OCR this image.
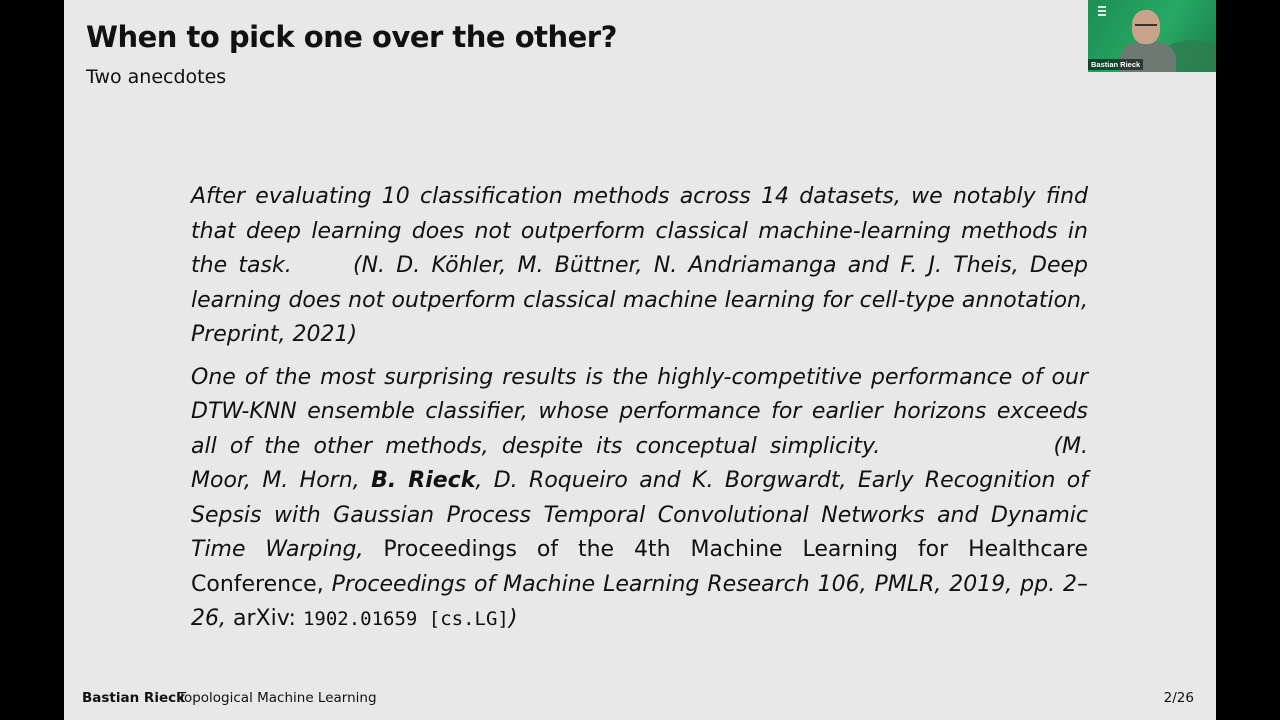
When to pick one over the other?
Two anecdotes

After evaluating 10 classification methods across 14 datasets, we notably find that deep learning does not outperform classical machine-learning methods in the task.	(N. D. Köhler, M. Büttner, N. Andriamanga and F. J. Theis, Deep learning does not outperform classical machine learning for cell-type annotation, Preprint, 2021)

One of the most surprising results is the highly-competitive performance of our DTW-KNN ensemble classifier, whose performance for earlier horizons exceeds all of the other methods, despite its conceptual simplicity.	(M. Moor, M. Horn, B. Rieck, D. Roqueiro and K. Borgwardt, Early Recognition of Sepsis with Gaussian Process Temporal Convolutional Networks and Dynamic Time Warping, Proceedings of the 4th Machine Learning for Healthcare Conference, Proceedings of Machine Learning Research 106, PMLR, 2019, pp. 2–26, arXiv: 1902.01659 [cs.LG])

Bastian Rieck
Topological Machine Learning	2/26
Bastian Rieck
